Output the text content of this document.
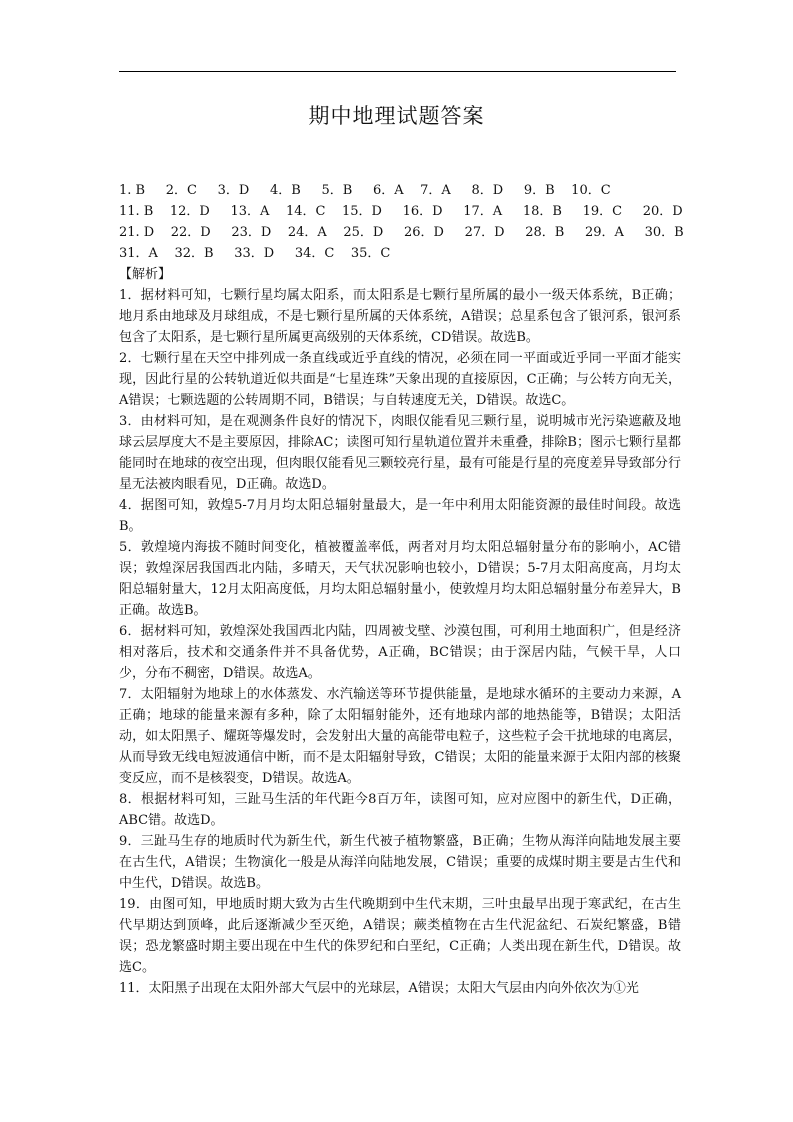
期中地理试题答案
1. B     2．C     3．D     4．B     5．B     6．A    7．A     8．D     9．B    10．C
11. B    12．D     13．A    14．C    15．D     16．D     17．A     18．B     19．C     20．D
21. D    22．D     23．D    24．A    25．D     26．D     27．D     28．B     29．A     30．B
31．A    32．B     33．D     34．C    35．C

【解析】

1．据材料可知，七颗行星均属太阳系，而太阳系是七颗行星所属的最小一级天体系统，B正确；地月系由地球及月球组成，不是七颗行星所属的天体系统，A错误；总星系包含了银河系，银河系包含了太阳系，是七颗行星所属更高级别的天体系统，CD错误。故选B。

2．七颗行星在天空中排列成一条直线或近乎直线的情况，必须在同一平面或近乎同一平面才能实现，因此行星的公转轨道近似共面是“七星连珠”天象出现的直接原因，C正确；与公转方向无关，A错误；七颗选题的公转周期不同，B错误；与自转速度无关，D错误。故选C。

3．由材料可知，是在观测条件良好的情况下，肉眼仅能看见三颗行星，说明城市光污染遮蔽及地球云层厚度大不是主要原因，排除AC；读图可知行星轨道位置并未重叠，排除B；图示七颗行星都能同时在地球的夜空出现，但肉眼仅能看见三颗较亮行星，最有可能是行星的亮度差异导致部分行星无法被肉眼看见，D正确。故选D。

4．据图可知，敦煌5-7月月均太阳总辐射量最大，是一年中利用太阳能资源的最佳时间段。故选B。

5．敦煌境内海拔不随时间变化，植被覆盖率低，两者对月均太阳总辐射量分布的影响小，AC错误；敦煌深居我国西北内陆，多晴天，天气状况影响也较小，D错误；5-7月太阳高度高，月均太阳总辐射量大，12月太阳高度低，月均太阳总辐射量小，使敦煌月均太阳总辐射量分布差异大，B正确。故选B。

6．据材料可知，敦煌深处我国西北内陆，四周被戈壁、沙漠包围，可利用土地面积广，但是经济相对落后，技术和交通条件并不具备优势，A正确，BC错误；由于深居内陆，气候干旱，人口少，分布不稠密，D错误。故选A。

7．太阳辐射为地球上的水体蒸发、水汽输送等环节提供能量，是地球水循环的主要动力来源，A正确；地球的能量来源有多种，除了太阳辐射能外，还有地球内部的地热能等，B错误；太阳活动，如太阳黑子、耀斑等爆发时，会发射出大量的高能带电粒子，这些粒子会干扰地球的电离层，从而导致无线电短波通信中断，而不是太阳辐射导致，C错误；太阳的能量来源于太阳内部的核聚变反应，而不是核裂变，D错误。故选A。

8．根据材料可知，三趾马生活的年代距今8百万年，读图可知，应对应图中的新生代，D正确，ABC错。故选D。

9．三趾马生存的地质时代为新生代，新生代被子植物繁盛，B正确；生物从海洋向陆地发展主要在古生代，A错误；生物演化一般是从海洋向陆地发展，C错误；重要的成煤时期主要是古生代和中生代，D错误。故选B。

19．由图可知，甲地质时期大致为古生代晚期到中生代末期，三叶虫最早出现于寒武纪，在古生代早期达到顶峰，此后逐渐减少至灭绝，A错误；蕨类植物在古生代泥盆纪、石炭纪繁盛，B错误；恐龙繁盛时期主要出现在中生代的侏罗纪和白垩纪，C正确；人类出现在新生代，D错误。故选C。

11．太阳黑子出现在太阳外部大气层中的光球层，A错误；太阳大气层由内向外依次为①光
